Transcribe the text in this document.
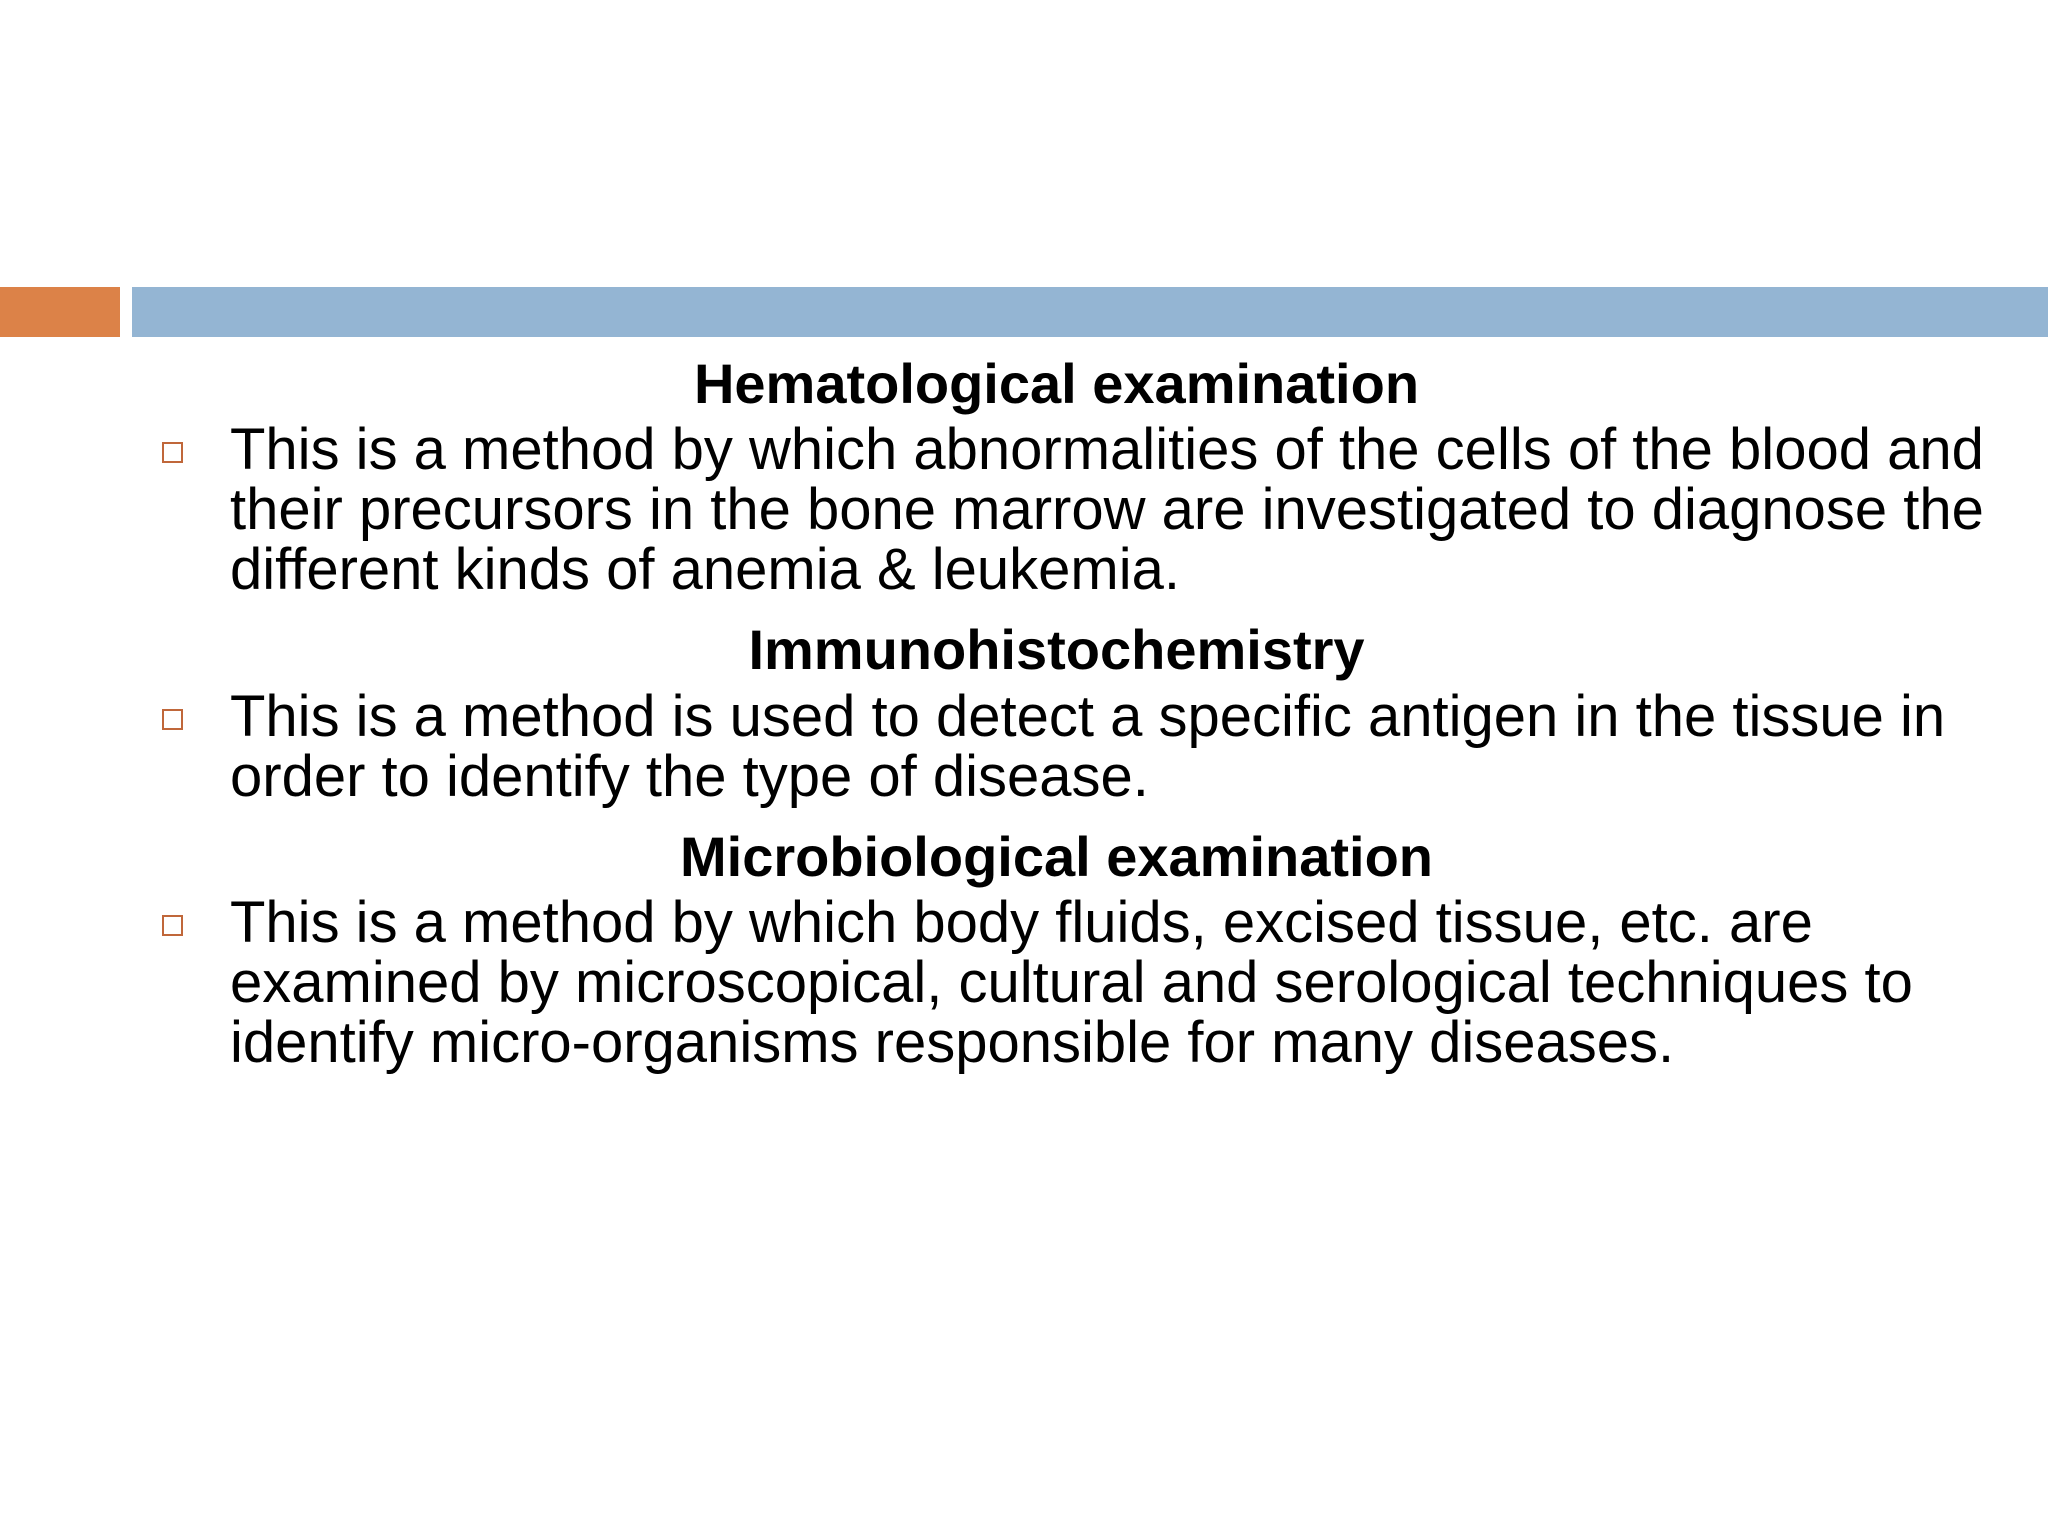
Hematological examination
This is a method by which abnormalities of the cells of the blood and their precursors in the bone marrow are investigated to diagnose the different kinds of anemia & leukemia.
Immunohistochemistry
This is a method is used to detect a specific antigen in the tissue in order to identify the type of disease.
Microbiological examination
This is a method by which body fluids, excised tissue, etc. are examined by microscopical, cultural and serological techniques to identify micro-organisms responsible for many diseases.
